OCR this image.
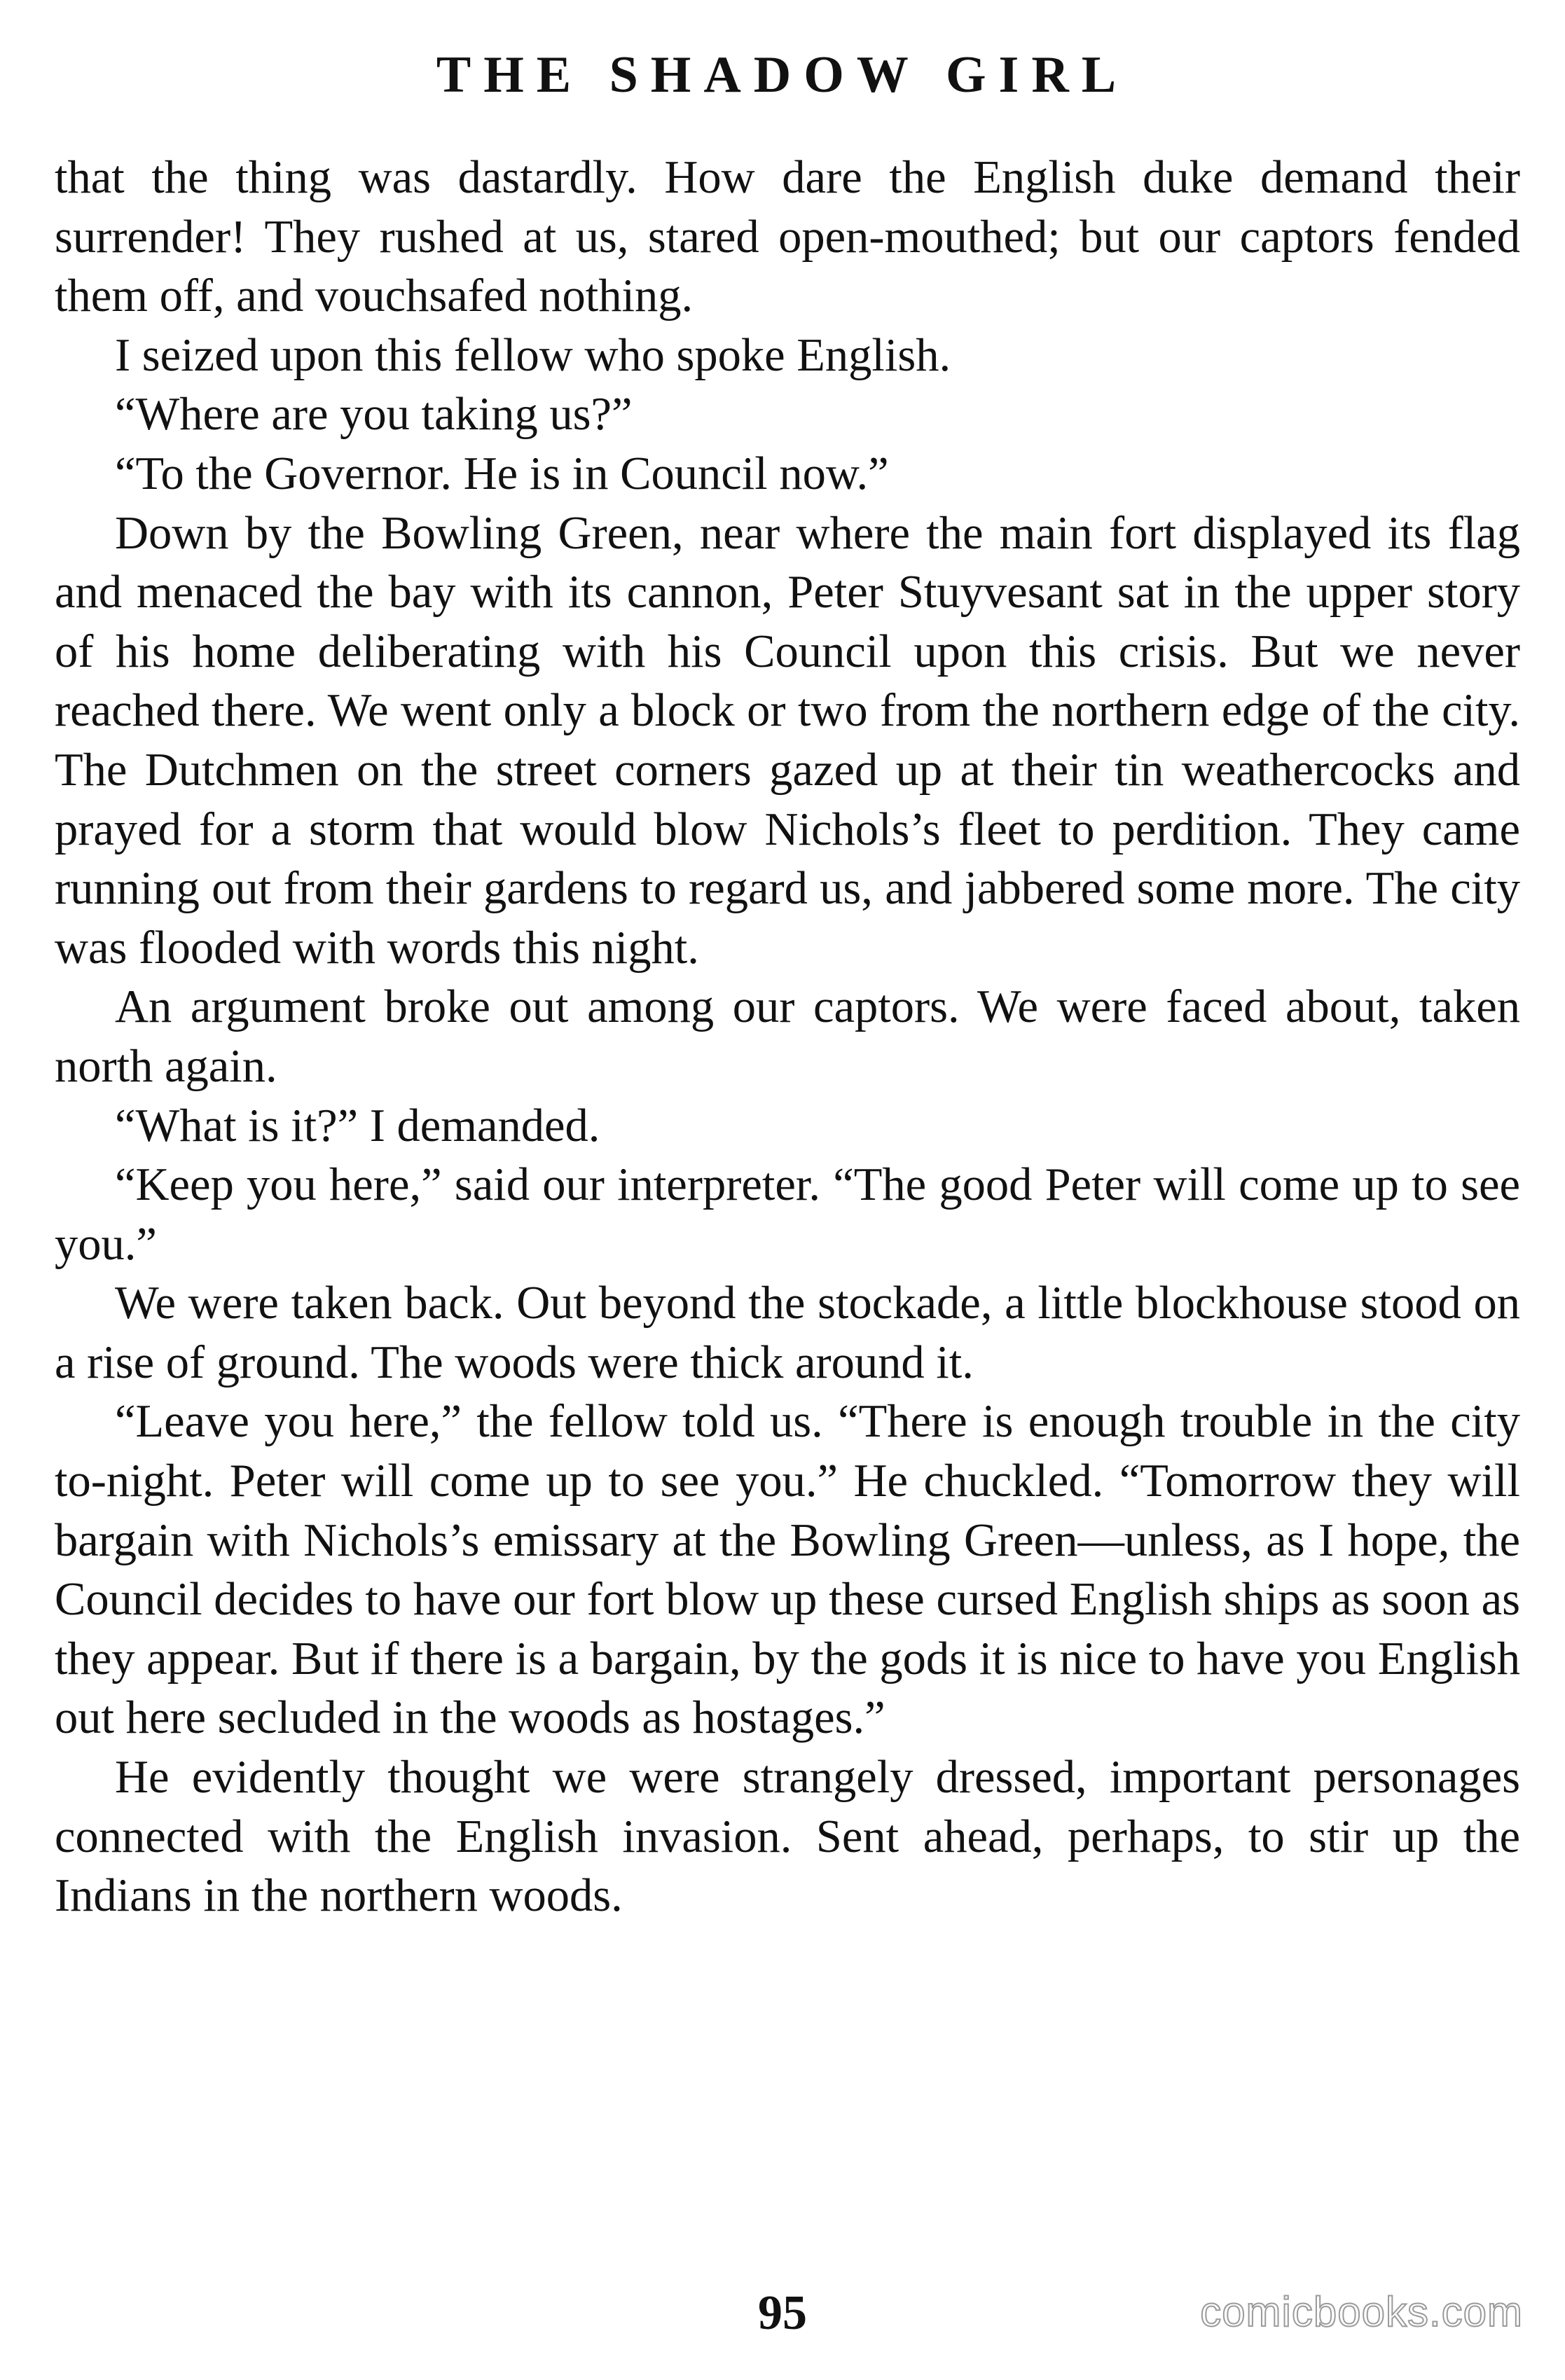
THE SHADOW GIRL

that the thing was dastardly. How dare the English duke demand their surrender! They rushed at us, stared open-mouthed; but our captors fended them off, and vouchsafed nothing.

I seized upon this fellow who spoke English.

“Where are you taking us?”

“To the Governor. He is in Council now.”

Down by the Bowling Green, near where the main fort displayed its flag and menaced the bay with its cannon, Peter Stuyvesant sat in the upper story of his home deliberating with his Council upon this crisis. But we never reached there. We went only a block or two from the northern edge of the city. The Dutchmen on the street corners gazed up at their tin weathercocks and prayed for a storm that would blow Nichols’s fleet to perdition. They came running out from their gardens to regard us, and jabbered some more. The city was flooded with words this night.

An argument broke out among our captors. We were faced about, taken north again.

“What is it?” I demanded.

“Keep you here,” said our interpreter. “The good Peter will come up to see you.”

We were taken back. Out beyond the stockade, a little blockhouse stood on a rise of ground. The woods were thick around it.

“Leave you here,” the fellow told us. “There is enough trouble in the city to-night. Peter will come up to see you.” He chuckled. “Tomorrow they will bargain with Nichols’s emissary at the Bowling Green—unless, as I hope, the Council decides to have our fort blow up these cursed English ships as soon as they appear. But if there is a bargain, by the gods it is nice to have you English out here secluded in the woods as hostages.”

He evidently thought we were strangely dressed, important personages connected with the English invasion. Sent ahead, perhaps, to stir up the Indians in the northern woods.

95	comicbooks.com
